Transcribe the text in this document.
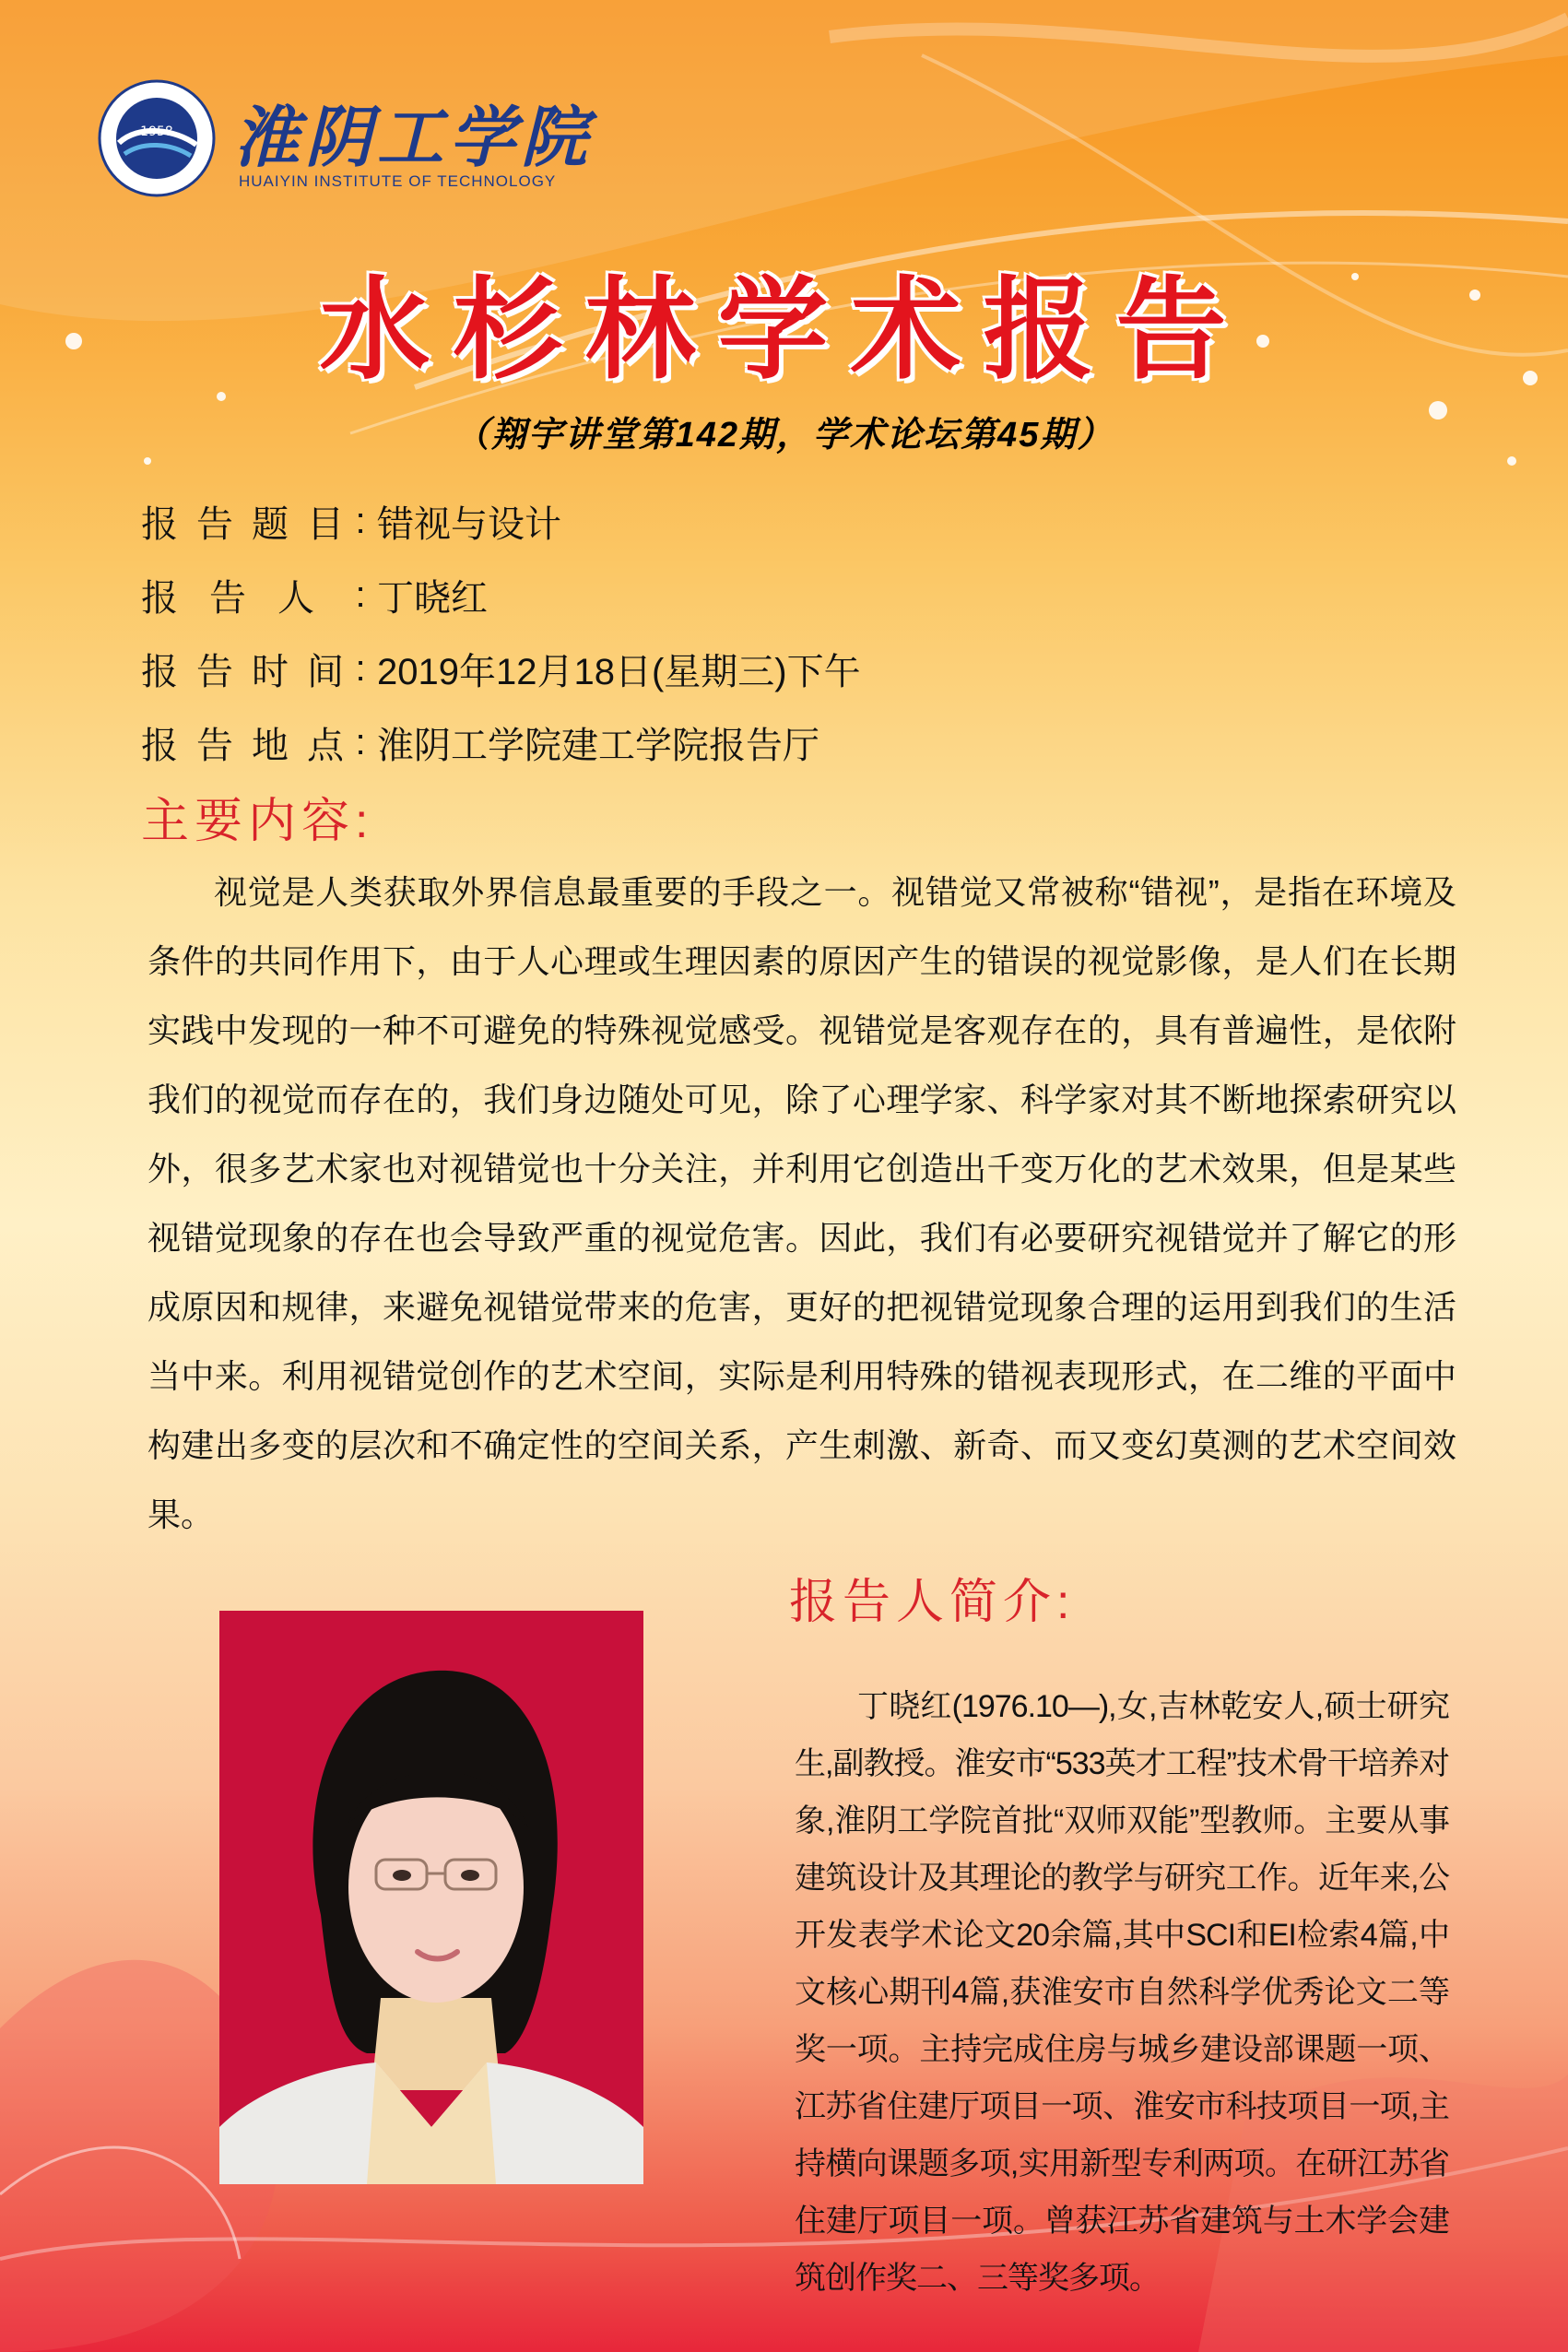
1958 淮阴工学院
HUAIYIN INSTITUTE OF TECHNOLOGY
水杉林学术报告
（翔宇讲堂第142期，学术论坛第45期）
报告题目 : 错视与设计
报告人 : 丁晓红
报告时间 : 2019年12月18日(星期三)下午
报告地点 : 淮阴工学院建工学院报告厅
主要内容:

视觉是人类获取外界信息最重要的手段之一。视错觉又常被称“错视”，是指在环境及条件的共同作用下，由于人心理或生理因素的原因产生的错误的视觉影像，是人们在长期实践中发现的一种不可避免的特殊视觉感受。视错觉是客观存在的，具有普遍性，是依附我们的视觉而存在的，我们身边随处可见，除了心理学家、科学家对其不断地探索研究以外，很多艺术家也对视错觉也十分关注，并利用它创造出千变万化的艺术效果，但是某些视错觉现象的存在也会导致严重的视觉危害。因此，我们有必要研究视错觉并了解它的形成原因和规律，来避免视错觉带来的危害，更好的把视错觉现象合理的运用到我们的生活当中来。利用视错觉创作的艺术空间，实际是利用特殊的错视表现形式，在二维的平面中构建出多变的层次和不确定性的空间关系，产生刺激、新奇、而又变幻莫测的艺术空间效果。

报告人简介:

丁晓红(1976.10—),女,吉林乾安人,硕士研究生,副教授。淮安市“533英才工程”技术骨干培养对象,淮阴工学院首批“双师双能”型教师。主要从事建筑设计及其理论的教学与研究工作。近年来,公开发表学术论文20余篇,其中SCI和EI检索4篇,中文核心期刊4篇,获淮安市自然科学优秀论文二等奖一项。主持完成住房与城乡建设部课题一项、江苏省住建厅项目一项、淮安市科技项目一项,主持横向课题多项,实用新型专利两项。在研江苏省住建厅项目一项。曾获江苏省建筑与土木学会建筑创作奖二、三等奖多项。
